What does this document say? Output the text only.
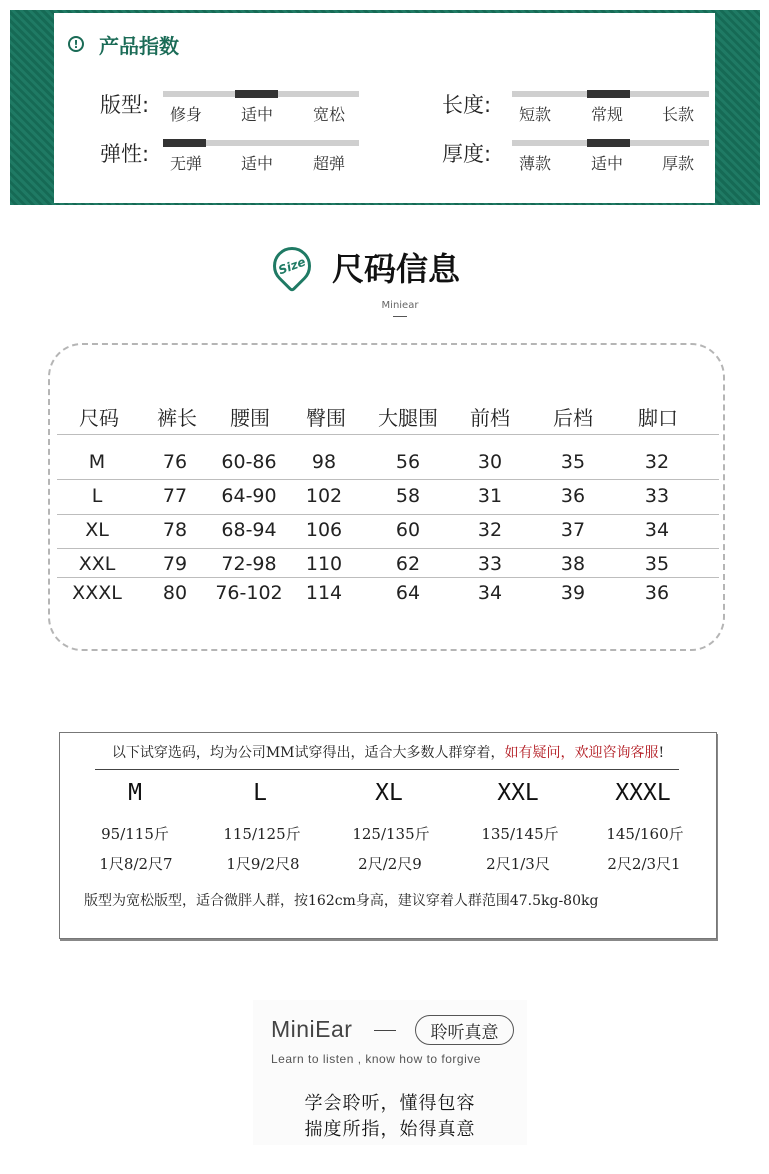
! 产品指数
版型:	修身	适中	宽松
弹性:	无弹	适中	超弹
长度:	短款	常规	长款
厚度:	薄款	适中	厚款
Size 尺码信息
Miniear
尺码	裤长	腰围	臀围	大腿围	前档	后档	脚口
M	76	60-86	98	56	30	35	32
L	77	64-90	102	58	31	36	33
XL	78	68-94	106	60	32	37	34
XXL	79	72-98	110	62	33	38	35
XXXL	80	76-102	114	64	34	39	36
以下试穿选码，均为公司MM试穿得出，适合大多数人群穿着，如有疑问，欢迎咨询客服!
M	L	XL	XXL	XXXL
95/115斤	115/125斤	125/135斤	135/145斤	145/160斤
1尺8/2尺7	1尺9/2尺8	2尺/2尺9	2尺1/3尺	2尺2/3尺1
版型为宽松版型，适合微胖人群，按162cm身高，建议穿着人群范围47.5kg-80kg
MiniEar	聆听真意
Learn to listen , know how to forgive
学会聆听，懂得包容
揣度所指，始得真意
